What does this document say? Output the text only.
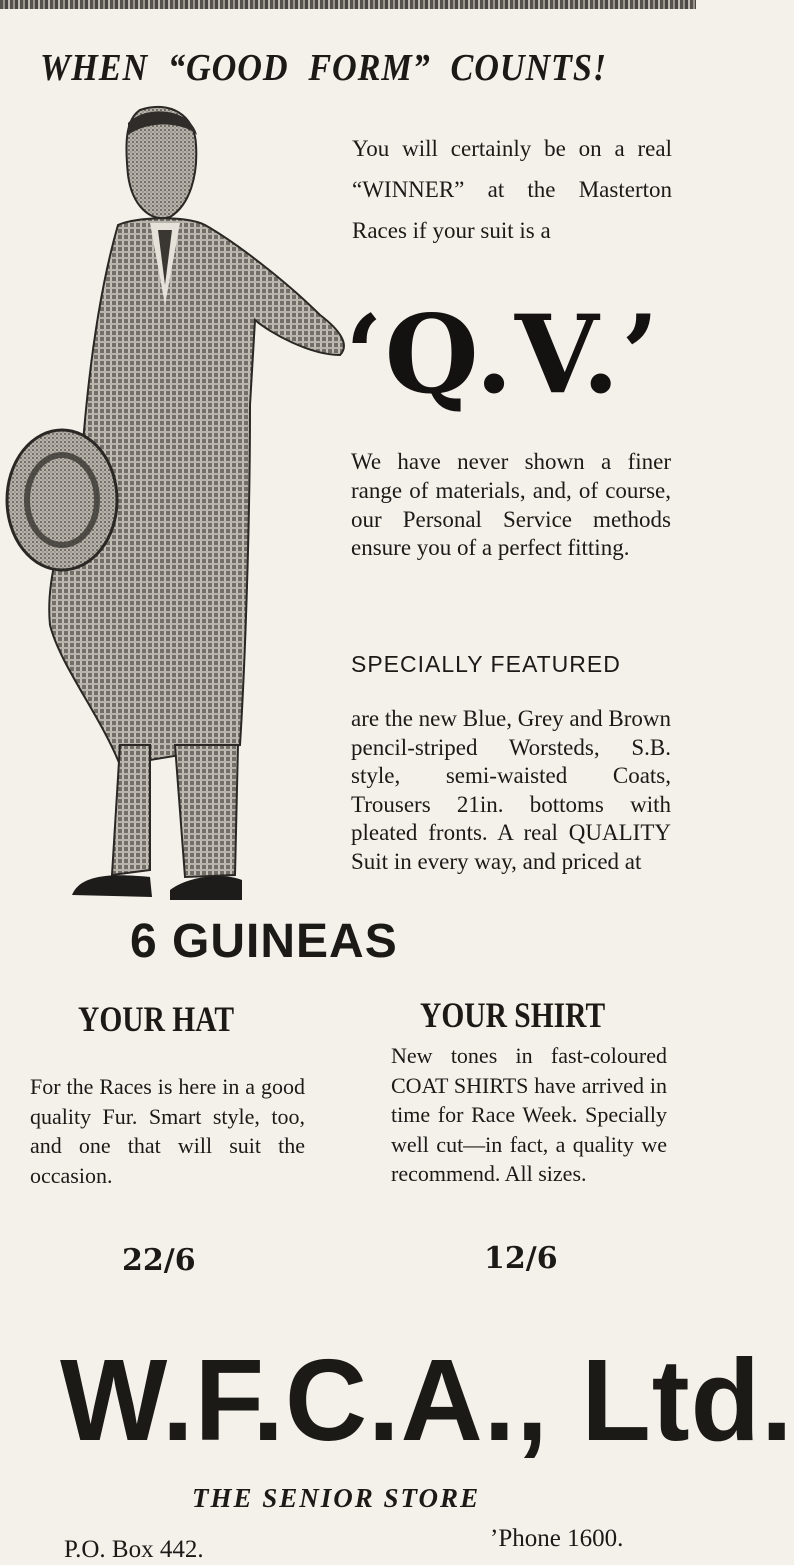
WHEN “GOOD FORM” COUNTS!
You will certainly be on a real “WINNER” at the Masterton Races if your suit is a
‘Q.V.’
We have never shown a finer range of materials, and, of course, our Personal Service methods ensure you of a perfect fitting.
SPECIALLY FEATURED
are the new Blue, Grey and Brown pencil-striped Worsteds, S.B. style, semi-waisted Coats, Trousers 21in. bottoms with pleated fronts. A real QUALITY Suit in every way, and priced at
6 GUINEAS
YOUR HAT	YOUR SHIRT
For the Races is here in a good quality Fur. Smart style, too, and one that will suit the occasion.
New tones in fast-coloured COAT SHIRTS have arrived in time for Race Week. Specially well cut—in fact, a quality we recommend. All sizes.
22/6	12/6
W.F.C.A., Ltd.
THE SENIOR STORE
P.O. Box 442.	’Phone 1600.
